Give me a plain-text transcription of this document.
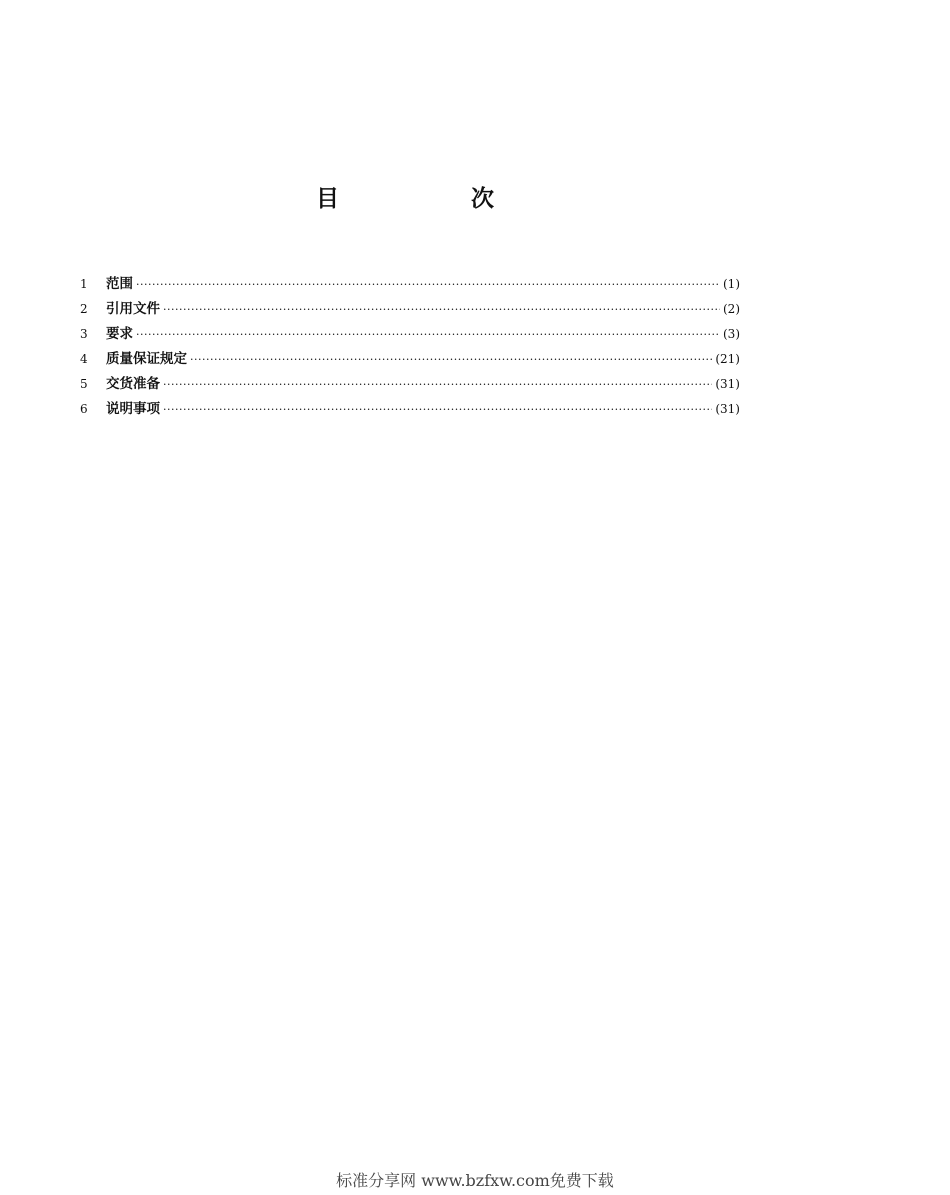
目 次
1	范围 ·····	(1)
2	引用文件 ·····	(2)
3	要求 ·····	(3)
4	质量保证规定 ·····	(21)
5	交货准备 ·····	(31)
6	说明事项 ·····	(31)
标准分享网 www.bzfxw.com免费下载
